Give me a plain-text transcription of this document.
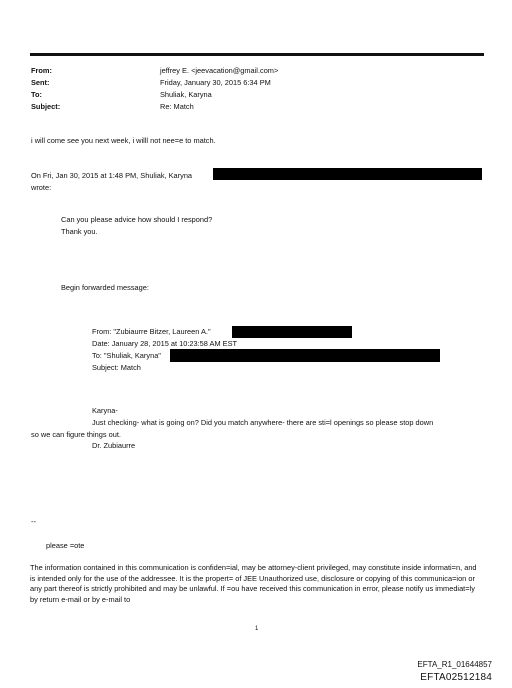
From:	jeffrey E. <jeevacation@gmail.com>
Sent:	Friday, January 30, 2015 6:34 PM
To:	Shuliak, Karyna
Subject:	Re: Match
i will come see you next week, i willl not nee=e to match.
On Fri, Jan 30, 2015 at 1:48 PM, Shuliak, Karyna
wrote:
Can you please advice how should I respond?
Thank you.
Begin forwarded message:
From: "Zubiaurre Bitzer, Laureen A."
Date: January 28, 2015 at 10:23:58 AM EST
To: "Shuliak, Karyna"
Subject: Match
Karyna-
Just checking- what is going on? Did you match anywhere- there are sti=l openings so please stop down
so we can figure things out.
Dr. Zubiaurre
--
please =ote
The information contained in this communication is confiden=ial, may be attorney-client privileged, may constitute inside informati=n, and is intended only for the use of the addressee. It is the propert= of JEE Unauthorized use, disclosure or copying of this communica=ion or any part thereof is strictly prohibited and may be unlawful. If =ou have received this communication in error, please notify us immediat=ly by return e-mail or by e-mail to
1
EFTA_R1_01644857
EFTA02512184
